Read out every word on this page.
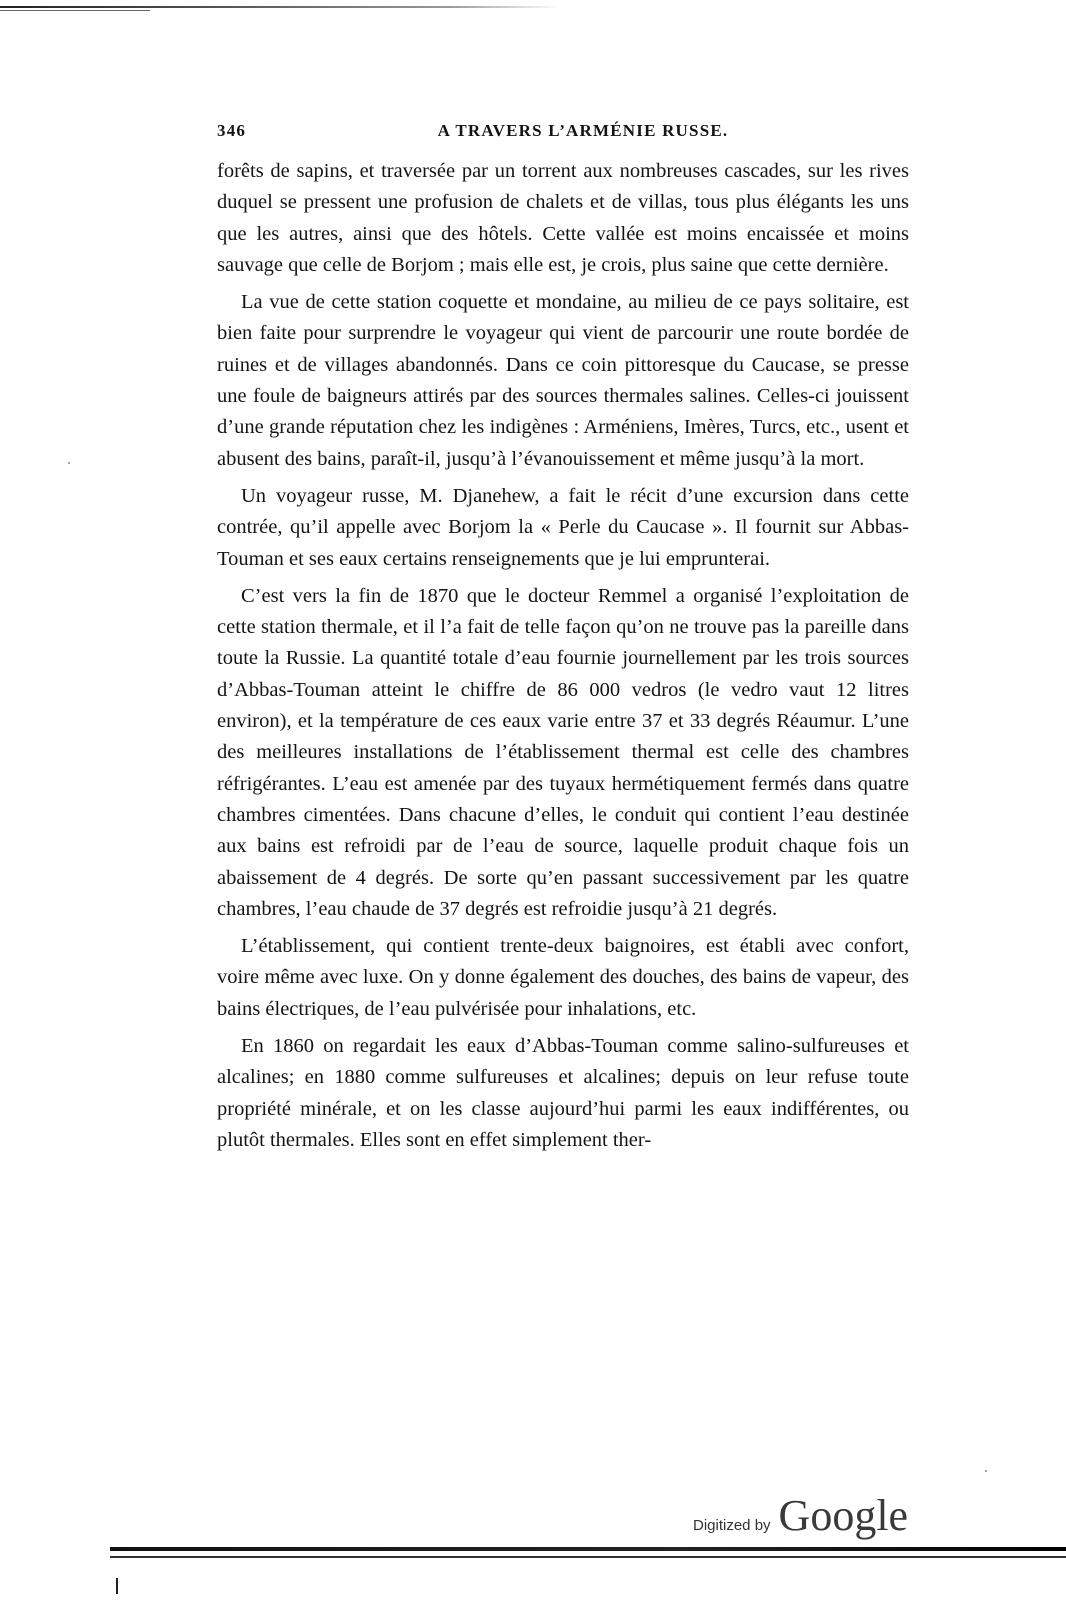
346	A TRAVERS L’ARMÉNIE RUSSE.

forêts de sapins, et traversée par un torrent aux nombreuses cascades, sur les rives duquel se pressent une profusion de chalets et de villas, tous plus élégants les uns que les autres, ainsi que des hôtels. Cette vallée est moins encaissée et moins sauvage que celle de Borjom ; mais elle est, je crois, plus saine que cette dernière.

La vue de cette station coquette et mondaine, au milieu de ce pays solitaire, est bien faite pour surprendre le voyageur qui vient de parcourir une route bordée de ruines et de villages abandonnés. Dans ce coin pittoresque du Caucase, se presse une foule de baigneurs attirés par des sources thermales salines. Celles-ci jouissent d’une grande réputation chez les indigènes : Arméniens, Imères, Turcs, etc., usent et abusent des bains, paraît-il, jusqu’à l’évanouissement et même jusqu’à la mort.

Un voyageur russe, M. Djanehew, a fait le récit d’une excursion dans cette contrée, qu’il appelle avec Borjom la « Perle du Caucase ». Il fournit sur Abbas-Touman et ses eaux certains renseignements que je lui emprunterai.

C’est vers la fin de 1870 que le docteur Remmel a organisé l’exploitation de cette station thermale, et il l’a fait de telle façon qu’on ne trouve pas la pareille dans toute la Russie. La quantité totale d’eau fournie journellement par les trois sources d’Abbas-Touman atteint le chiffre de 86 000 vedros (le vedro vaut 12 litres environ), et la température de ces eaux varie entre 37 et 33 degrés Réaumur. L’une des meilleures installations de l’établissement thermal est celle des chambres réfrigérantes. L’eau est amenée par des tuyaux hermétiquement fermés dans quatre chambres cimentées. Dans chacune d’elles, le conduit qui contient l’eau destinée aux bains est refroidi par de l’eau de source, laquelle produit chaque fois un abaissement de 4 degrés. De sorte qu’en passant successivement par les quatre chambres, l’eau chaude de 37 degrés est refroidie jusqu’à 21 degrés.

L’établissement, qui contient trente-deux baignoires, est établi avec confort, voire même avec luxe. On y donne également des douches, des bains de vapeur, des bains électriques, de l’eau pulvérisée pour inhalations, etc.

En 1860 on regardait les eaux d’Abbas-Touman comme salino-sulfureuses et alcalines; en 1880 comme sulfureuses et alcalines; depuis on leur refuse toute propriété minérale, et on les classe aujourd’hui parmi les eaux indifférentes, ou plutôt thermales. Elles sont en effet simplement ther-

Digitized by Google
